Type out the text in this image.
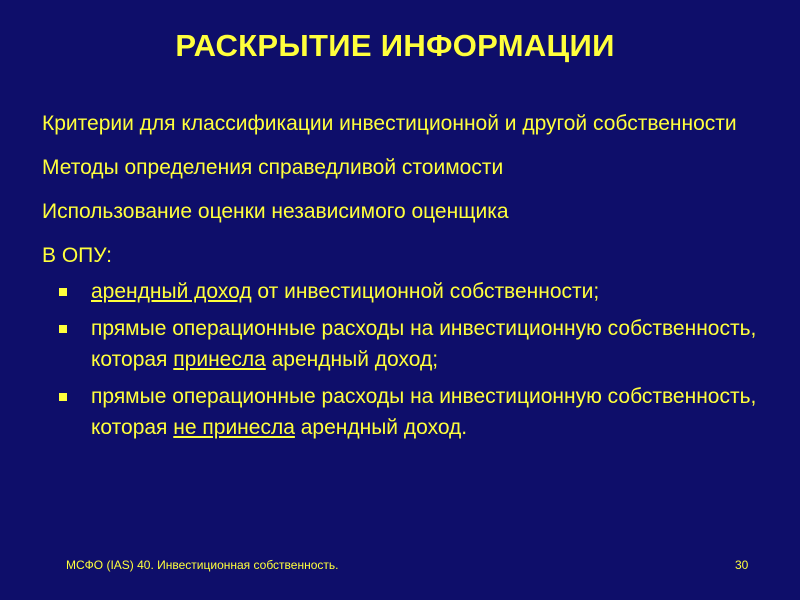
РАСКРЫТИЕ ИНФОРМАЦИИ

Критерии для классификации инвестиционной и другой собственности

Методы определения справедливой стоимости

Использование оценки независимого оценщика

В ОПУ:

арендный доход от инвестиционной собственности;
прямые операционные расходы на инвестиционную собственность, которая принесла арендный доход;
прямые операционные расходы на инвестиционную собственность, которая не принесла арендный доход.
МСФО (IAS) 40. Инвестиционная собственность.	30
